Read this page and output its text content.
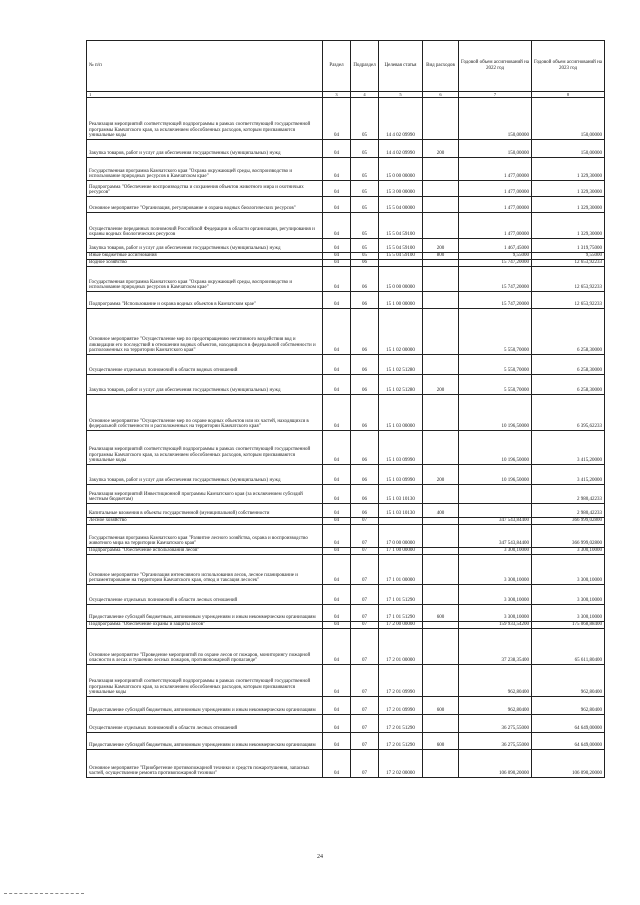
№ п/п	Раздел	Подраздел	Целевая статья	Вид расходов	Годовой объем ассигнований на 2022 год	Годовой объем ассигнований на 2023 год
1	3	4	5	6	7	8
Реализация мероприятий соответствующей подпрограммы в рамках соответствующей государственной программы Камчатского края, за исключением обособленных расходов, которым присваиваются уникальные коды	04	05	14 4 02 09990		150,00000	150,00000
Закупка товаров, работ и услуг для обеспечения государственных (муниципальных) нужд	04	05	14 4 02 09990	200	150,00000	150,00000
Государственная программа Камчатского края "Охрана окружающей среды, воспроизводство и использование природных ресурсов в Камчатском крае"	04	05	15 0 00 00000		1 477,00000	1 329,30000
Подпрограмма "Обеспечение воспроизводства и сохранения объектов животного мира и охотничьих ресурсов"	04	05	15 3 00 00000		1 477,00000	1 329,30000
Основное мероприятие "Организация, регулирование и охрана водных биологических ресурсов"	04	05	15 5 04 00000		1 477,00000	1 329,30000
Осуществление переданных полномочий Российской Федерации в области организации, регулирования и охраны водных биологических ресурсов	04	05	15 5 04 59100		1 477,00000	1 329,30000
Закупка товаров, работ и услуг для обеспечения государственных (муниципальных) нужд	04	05	15 5 04 59100	200	1 467,45000	1 319,75000
Иные бюджетные ассигнования	04	05	15 5 04 59100	800	9,55000	9,55000
Водное хозяйство	04	06			15 747,20000	12 653,92233
Государственная программа Камчатского края "Охрана окружающей среды, воспроизводство и использование природных ресурсов в Камчатском крае"	04	06	15 0 00 00000		15 747,20000	12 653,92233
Подпрограмма "Использование и охрана водных объектов в Камчатском крае"	04	06	15 1 00 00000		15 747,20000	12 653,92233
Основное мероприятие "Осуществление мер по предотвращению негативного воздействия вод и ликвидации его последствий в отношении водных объектов, находящихся в федеральной собственности и расположенных на территории Камчатского края"	04	06	15 1 02 00000		5 550,70000	6 258,30000
Осуществление отдельных полномочий в области водных отношений	04	06	15 1 02 51280		5 550,70000	6 258,30000
Закупка товаров, работ и услуг для обеспечения государственных (муниципальных) нужд	04	06	15 1 02 51280	200	5 550,70000	6 258,30000
Основное мероприятие "Осуществление мер по охране водных объектов или их частей, находящихся в федеральной собственности и расположенных на территории Камчатского края"	04	06	15 1 03 00000		10 196,50000	6 395,62233
Реализация мероприятий соответствующей подпрограммы в рамках соответствующей государственной программы Камчатского края, за исключением обособленных расходов, которым присваиваются уникальные коды	04	06	15 1 03 09990		10 196,50000	3 415,20000
Закупка товаров, работ и услуг для обеспечения государственных (муниципальных) нужд	04	06	15 1 03 09990	200	10 196,50000	3 415,20000
Реализация мероприятий Инвестиционной программы Камчатского края (за исключением субсидий местным бюджетам)	04	06	15 1 03 10130			2 980,42233
Капитальные вложения в объекты государственной (муниципальной) собственности	04	06	15 1 03 10130	400		2 980,42233
Лесное хозяйство	04	07			347 543,84400	366 999,02800
Государственная программа Камчатского края "Развитие лесного хозяйства, охрана и воспроизводство животного мира на территории Камчатского края"	04	07	17 0 00 00000		347 543,84400	366 999,02800
Подпрограмма "Обеспечение использования лесов"	04	07	17 1 00 00000		3 300,10000	3 300,10000
Основное мероприятие "Организация интенсивного использования лесов, лесное планирование и регламентирование на территории Камчатского края, отвод и таксация лесосек"	04	07	17 1 01 00000		3 300,10000	3 300,10000
Осуществление отдельных полномочий в области лесных отношений	04	07	17 1 01 51290		3 300,10000	3 300,10000
Предоставление субсидий бюджетным, автономным учреждениям и иным некоммерческим организациям	04	07	17 1 01 51290	600	3 300,10000	3 300,10000
Подпрограмма "Обеспечение охраны и защиты лесов"	04	07	17 2 00 00000		159 933,54200	175 068,88400
Основное мероприятие "Проведение мероприятий по охране лесов от пожаров, мониторингу пожарной опасности в лесах и тушению лесных пожаров, противопожарной пропаганде"	04	07	17 2 01 00000		37 238,35400	65 611,80400
Реализация мероприятий соответствующей подпрограммы в рамках соответствующей государственной программы Камчатского края, за исключением обособленных расходов, которым присваиваются уникальные коды	04	07	17 2 01 09990		962,80400	962,80400
Предоставление субсидий бюджетным, автономным учреждениям и иным некоммерческим организациям	04	07	17 2 01 09990	600	962,80400	962,80400
Осуществление отдельных полномочий в области лесных отношений	04	07	17 2 01 51290		36 275,55000	64 649,00000
Предоставление субсидий бюджетным, автономным учреждениям и иным некоммерческим организациям	04	07	17 2 01 51290	600	36 275,55000	64 649,00000
Основное мероприятие "Приобретение противопожарной техники и средств пожаротушения, запасных частей, осуществление ремонта противопожарной техники"	04	07	17 2 02 00000		106 090,20000	106 090,20000
24
